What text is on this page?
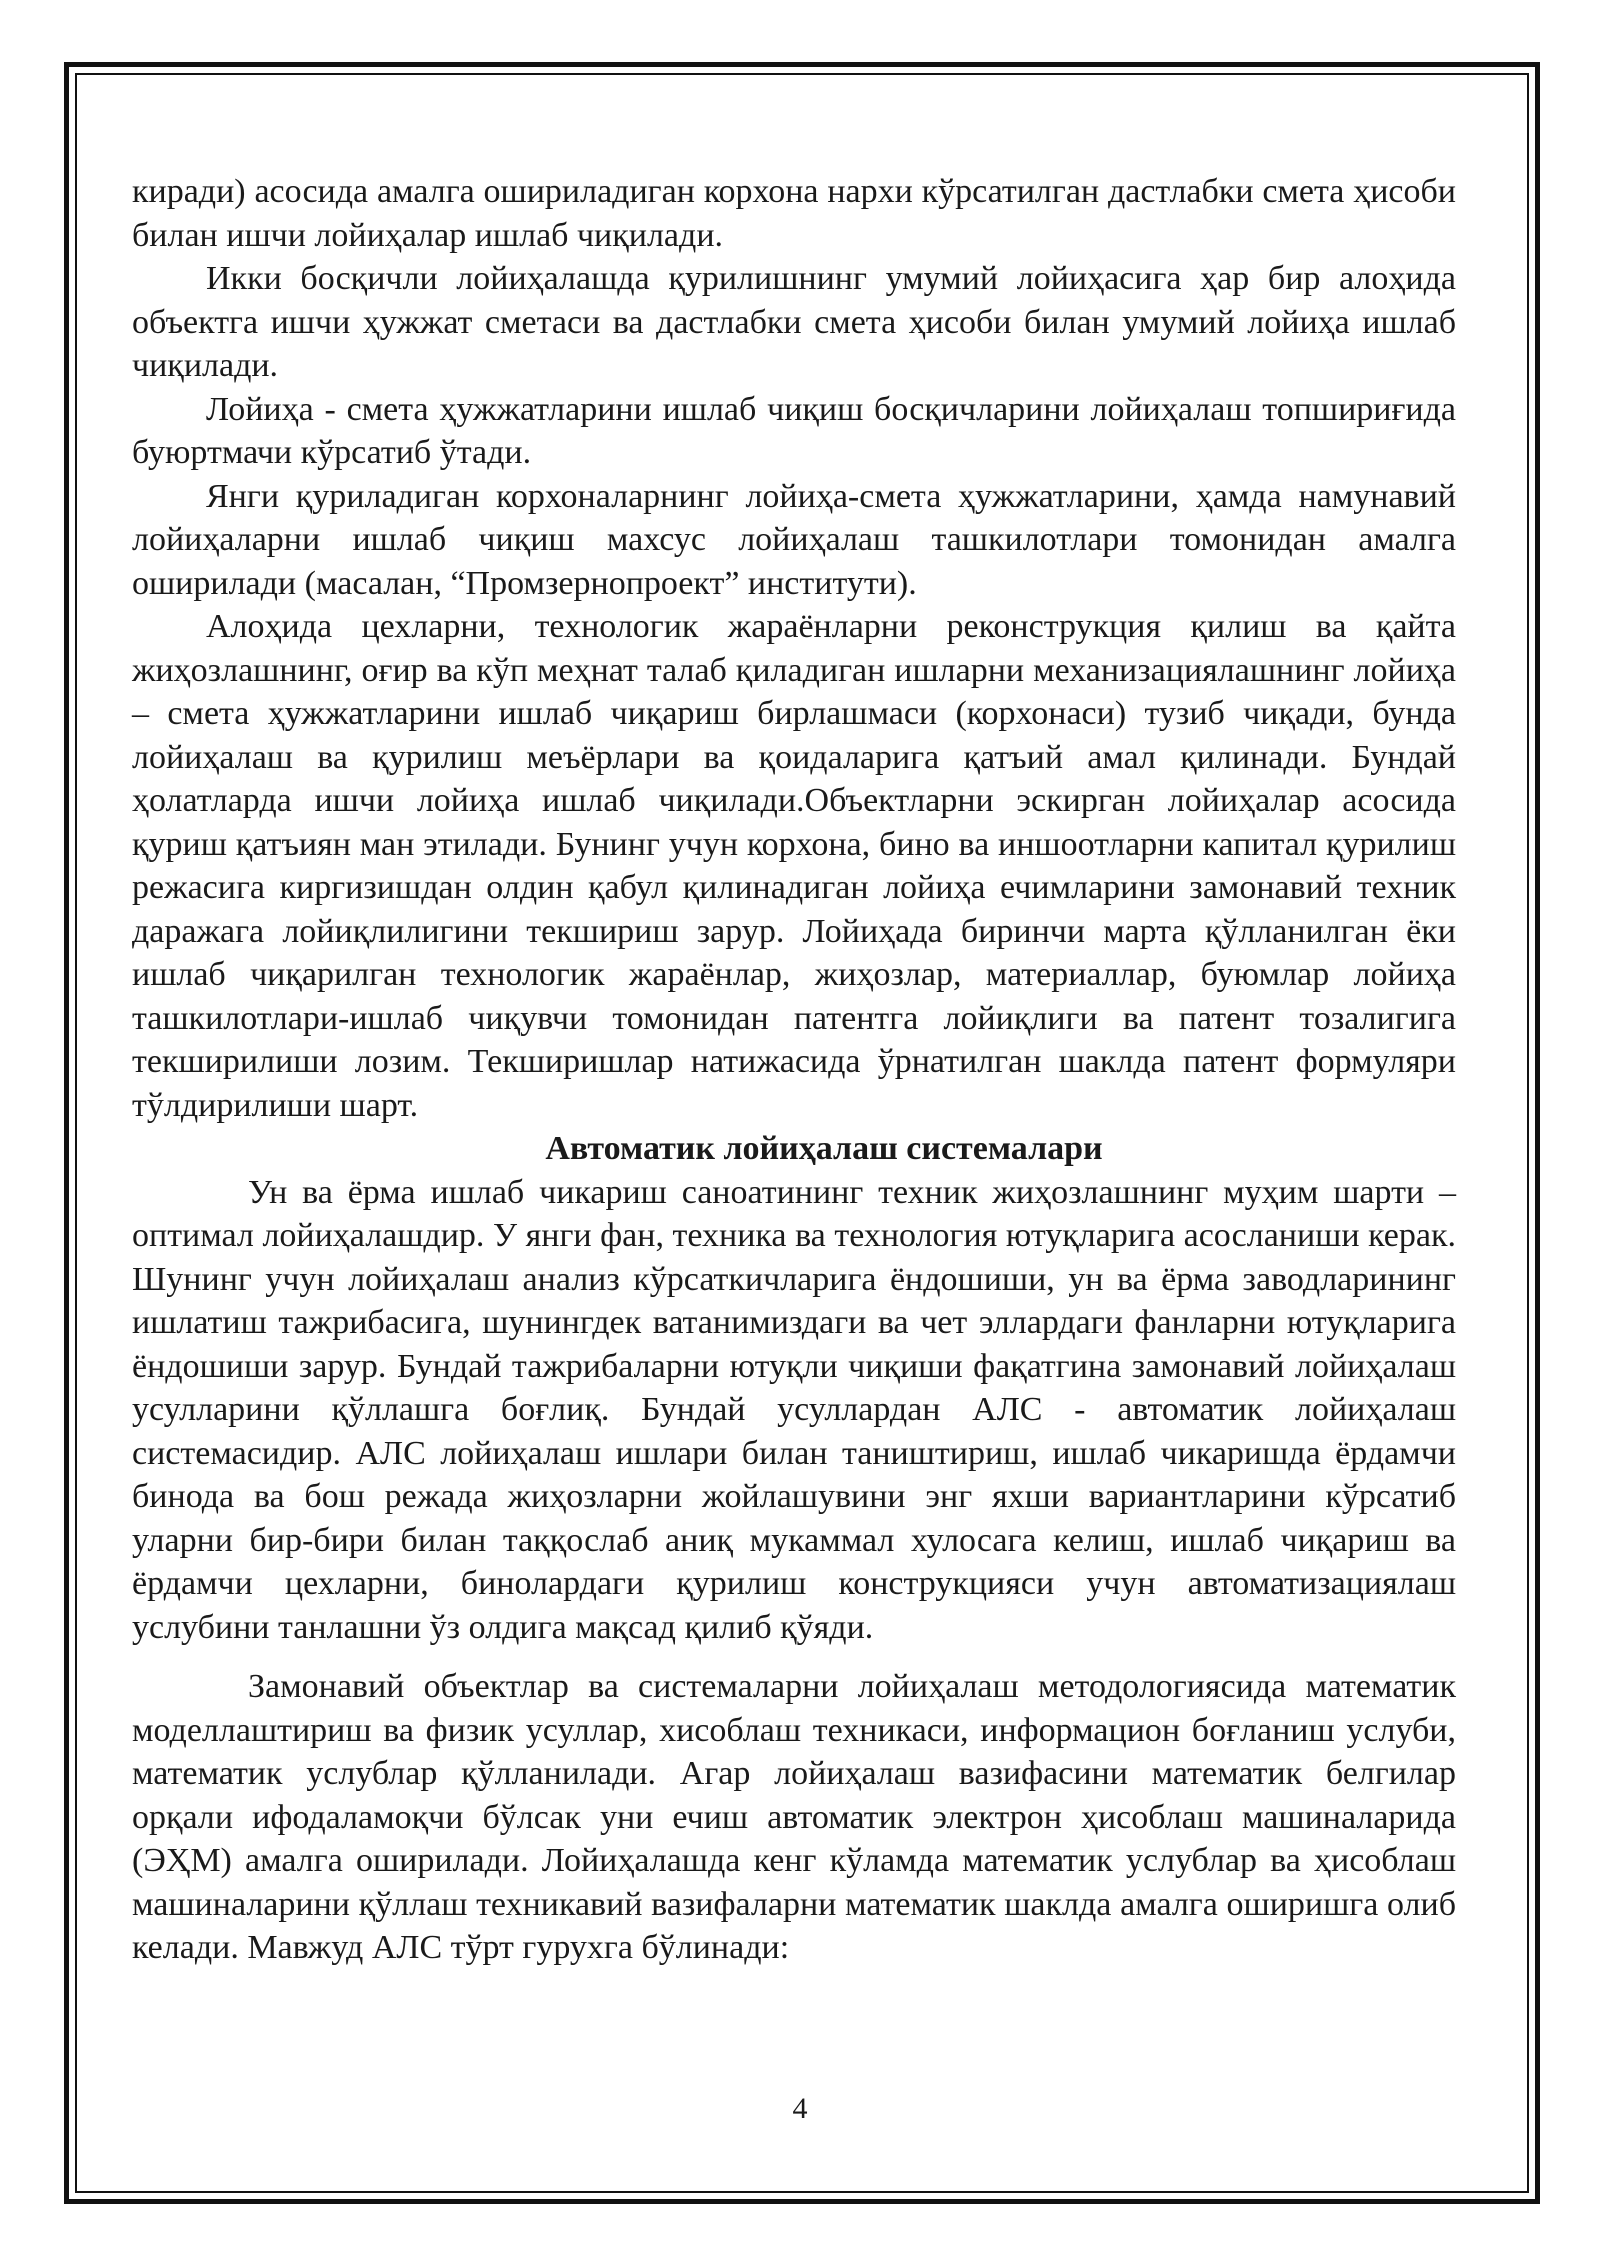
киради) асосида амалга ошириладиган корхона нархи кўрсатилган дастлабки смета ҳисоби билан ишчи лойиҳалар ишлаб чиқилади.

Икки босқичли лойиҳалашда қурилишнинг умумий лойиҳасига ҳар бир алоҳида объектга ишчи ҳужжат сметаси ва дастлабки смета ҳисоби билан умумий лойиҳа ишлаб чиқилади.

Лойиҳа - смета ҳужжатларини ишлаб чиқиш босқичларини лойиҳалаш топшириғида буюртмачи кўрсатиб ўтади.

Янги қуриладиган корхоналарнинг лойиҳа-смета ҳужжатларини, ҳамда намунавий лойиҳаларни ишлаб чиқиш махсус лойиҳалаш ташкилотлари томонидан амалга оширилади (масалан, “Промзернопроект” институти).

Алоҳида цехларни, технологик жараёнларни реконструкция қилиш ва қайта жиҳозлашнинг, оғир ва кўп меҳнат талаб қиладиган ишларни механизациялашнинг лойиҳа – смета ҳужжатларини ишлаб чиқариш бирлашмаси (корхонаси) тузиб чиқади, бунда лойиҳалаш ва қурилиш меъёрлари ва қоидаларига қатъий амал қилинади. Бундай ҳолатларда ишчи лойиҳа ишлаб чиқилади.Объектларни эскирган лойиҳалар асосида қуриш қатъиян ман этилади. Бунинг учун корхона, бино ва иншоотларни капитал қурилиш режасига киргизишдан олдин қабул қилинадиган лойиҳа ечимларини замонавий техник даражага лойиқлилигини текшириш зарур. Лойиҳада биринчи марта қўлланилган ёки ишлаб чиқарилган технологик жараёнлар, жиҳозлар, материаллар, буюмлар лойиҳа ташкилотлари-ишлаб чиқувчи томонидан патентга лойиқлиги ва патент тозалигига текширилиши лозим. Текширишлар натижасида ўрнатилган шаклда патент формуляри тўлдирилиши шарт.

Автоматик лойиҳалаш системалари

Ун ва ёрма ишлаб чикариш саноатининг техник жиҳозлашнинг муҳим шарти – оптимал лойиҳалашдир. У янги фан, техника ва технология ютуқларига асосланиши керак. Шунинг учун лойиҳалаш анализ кўрсаткичларига ёндошиши, ун ва ёрма заводларининг ишлатиш тажрибасига, шунингдек ватанимиздаги ва чет эллардаги фанларни ютуқларига ёндошиши зарур. Бундай тажрибаларни ютуқли чиқиши фақатгина замонавий лойиҳалаш усулларини қўллашга боғлиқ. Бундай усуллардан АЛС - автоматик лойиҳалаш системасидир. АЛС лойиҳалаш ишлари билан таништириш, ишлаб чикаришда ёрдамчи бинода ва бош режада жиҳозларни жойлашувини энг яхши вариантларини кўрсатиб уларни бир-бири билан таққослаб аниқ мукаммал хулосага келиш, ишлаб чиқариш ва ёрдамчи цехларни, бинолардаги қурилиш конструкцияси учун автоматизациялаш услубини танлашни ўз олдига мақсад қилиб қўяди.

Замонавий объектлар ва системаларни лойиҳалаш методологиясида математик моделлаштириш ва физик усуллар, хисоблаш техникаси, информацион боғланиш услуби, математик услублар қўлланилади. Агар лойиҳалаш вазифасини математик белгилар орқали ифодаламоқчи бўлсак уни ечиш автоматик электрон ҳисоблаш машиналарида (ЭҲМ) амалга оширилади. Лойиҳалашда кенг кўламда математик услублар ва ҳисоблаш машиналарини қўллаш техникавий вазифаларни математик шаклда амалга оширишга олиб келади. Мавжуд АЛС тўрт гурухга бўлинади:

4
